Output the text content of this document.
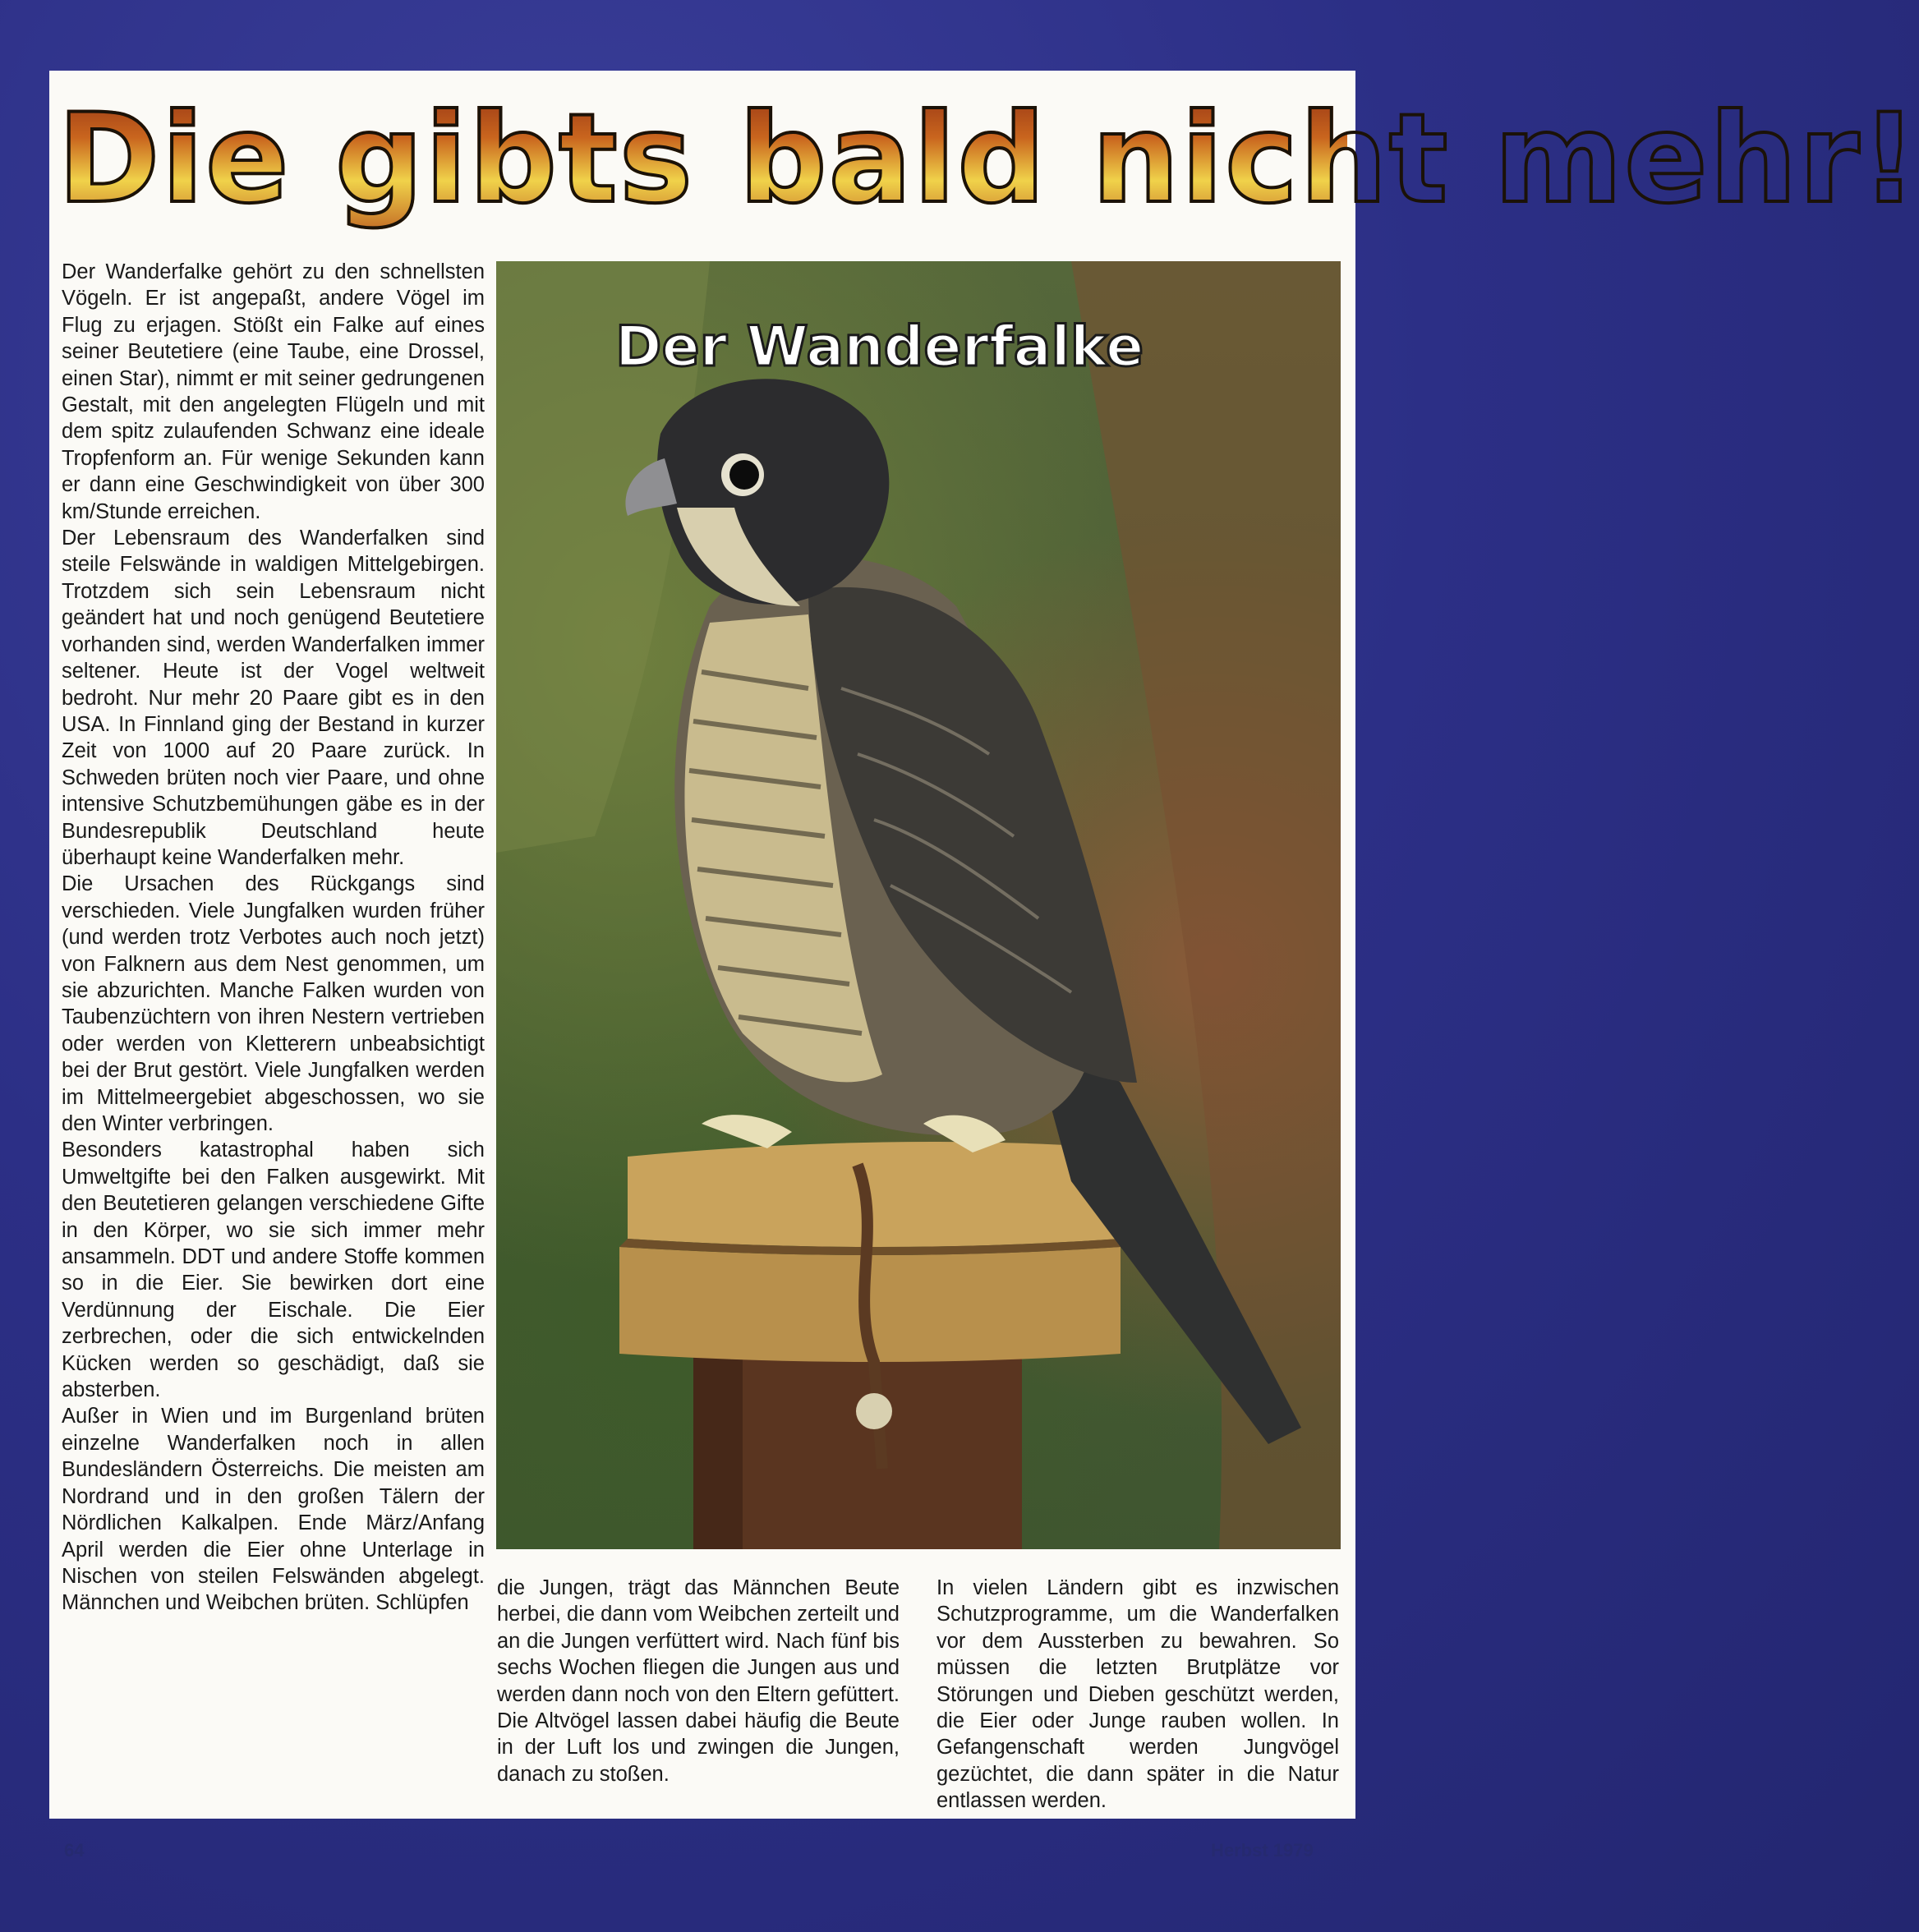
Die gibts bald nicht mehr!
Der Wanderfalke
Der Wanderfalke gehört zu den schnellsten Vögeln. Er ist angepaßt, andere Vögel im Flug zu erjagen. Stößt ein Falke auf eines seiner Beutetiere (eine Taube, eine Drossel, einen Star), nimmt er mit seiner gedrungenen Gestalt, mit den angelegten Flügeln und mit dem spitz zulaufenden Schwanz eine ideale Tropfenform an. Für wenige Sekunden kann er dann eine Geschwindigkeit von über 300 km/Stunde erreichen.
Der Lebensraum des Wanderfalken sind steile Felswände in waldigen Mittelgebirgen. Trotzdem sich sein Lebensraum nicht geändert hat und noch genügend Beutetiere vorhanden sind, werden Wanderfalken immer seltener. Heute ist der Vogel weltweit bedroht. Nur mehr 20 Paare gibt es in den USA. In Finnland ging der Bestand in kurzer Zeit von 1000 auf 20 Paare zurück. In Schweden brüten noch vier Paare, und ohne intensive Schutzbemühungen gäbe es in der Bundesrepublik Deutschland heute überhaupt keine Wanderfalken mehr.
Die Ursachen des Rückgangs sind verschieden. Viele Jungfalken wurden früher (und werden trotz Verbotes auch noch jetzt) von Falknern aus dem Nest genommen, um sie abzurichten. Manche Falken wurden von Taubenzüchtern von ihren Nestern vertrieben oder werden von Kletterern unbeabsichtigt bei der Brut gestört. Viele Jungfalken werden im Mittelmeergebiet abgeschossen, wo sie den Winter verbringen.
Besonders katastrophal haben sich Umweltgifte bei den Falken ausgewirkt. Mit den Beutetieren gelangen verschiedene Gifte in den Körper, wo sie sich immer mehr ansammeln. DDT und andere Stoffe kommen so in die Eier. Sie bewirken dort eine Verdünnung der Eischale. Die Eier zerbrechen, oder die sich entwickelnden Kücken werden so geschädigt, daß sie absterben.
Außer in Wien und im Burgenland brüten einzelne Wanderfalken noch in allen Bundesländern Österreichs. Die meisten am Nordrand und in den großen Tälern der Nördlichen Kalkalpen. Ende März/Anfang April werden die Eier ohne Unterlage in Nischen von steilen Felswänden abgelegt. Männchen und Weibchen brüten. Schlüpfen
die Jungen, trägt das Männchen Beute herbei, die dann vom Weibchen zerteilt und an die Jungen verfüttert wird. Nach fünf bis sechs Wochen fliegen die Jungen aus und werden dann noch von den Eltern gefüttert. Die Altvögel lassen dabei häufig die Beute in der Luft los und zwingen die Jungen, danach zu stoßen.
In vielen Ländern gibt es inzwischen Schutzprogramme, um die Wanderfalken vor dem Aussterben zu bewahren. So müssen die letzten Brutplätze vor Störungen und Dieben geschützt werden, die Eier oder Junge rauben wollen. In Gefangenschaft werden Jungvögel gezüchtet, die dann später in die Natur entlassen werden.
64	Herbst 1979
